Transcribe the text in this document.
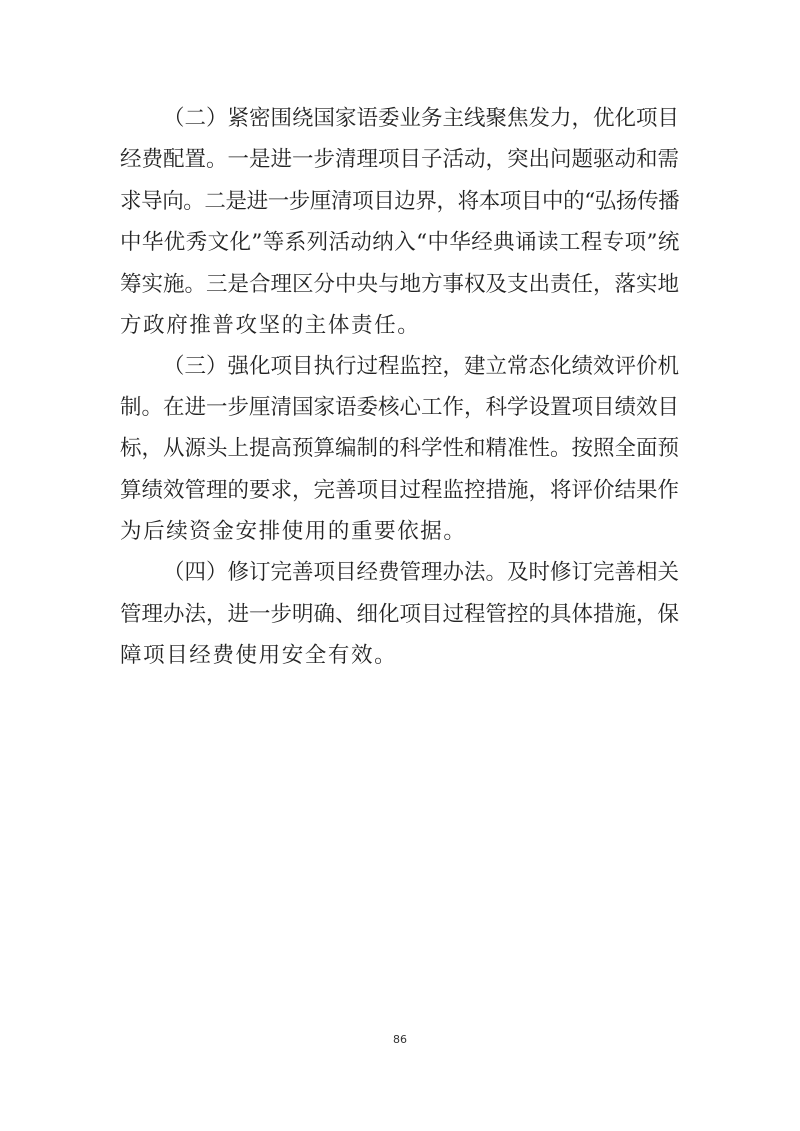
（二）紧密围绕国家语委业务主线聚焦发力，优化项目

经费配置。一是进一步清理项目子活动，突出问题驱动和需

求导向。二是进一步厘清项目边界，将本项目中的“弘扬传播

中华优秀文化”等系列活动纳入“中华经典诵读工程专项”统

筹实施。三是合理区分中央与地方事权及支出责任，落实地

方政府推普攻坚的主体责任。

（三）强化项目执行过程监控，建立常态化绩效评价机

制。在进一步厘清国家语委核心工作，科学设置项目绩效目

标，从源头上提高预算编制的科学性和精准性。按照全面预

算绩效管理的要求，完善项目过程监控措施，将评价结果作

为后续资金安排使用的重要依据。

（四）修订完善项目经费管理办法。及时修订完善相关

管理办法，进一步明确、细化项目过程管控的具体措施，保

障项目经费使用安全有效。

86
